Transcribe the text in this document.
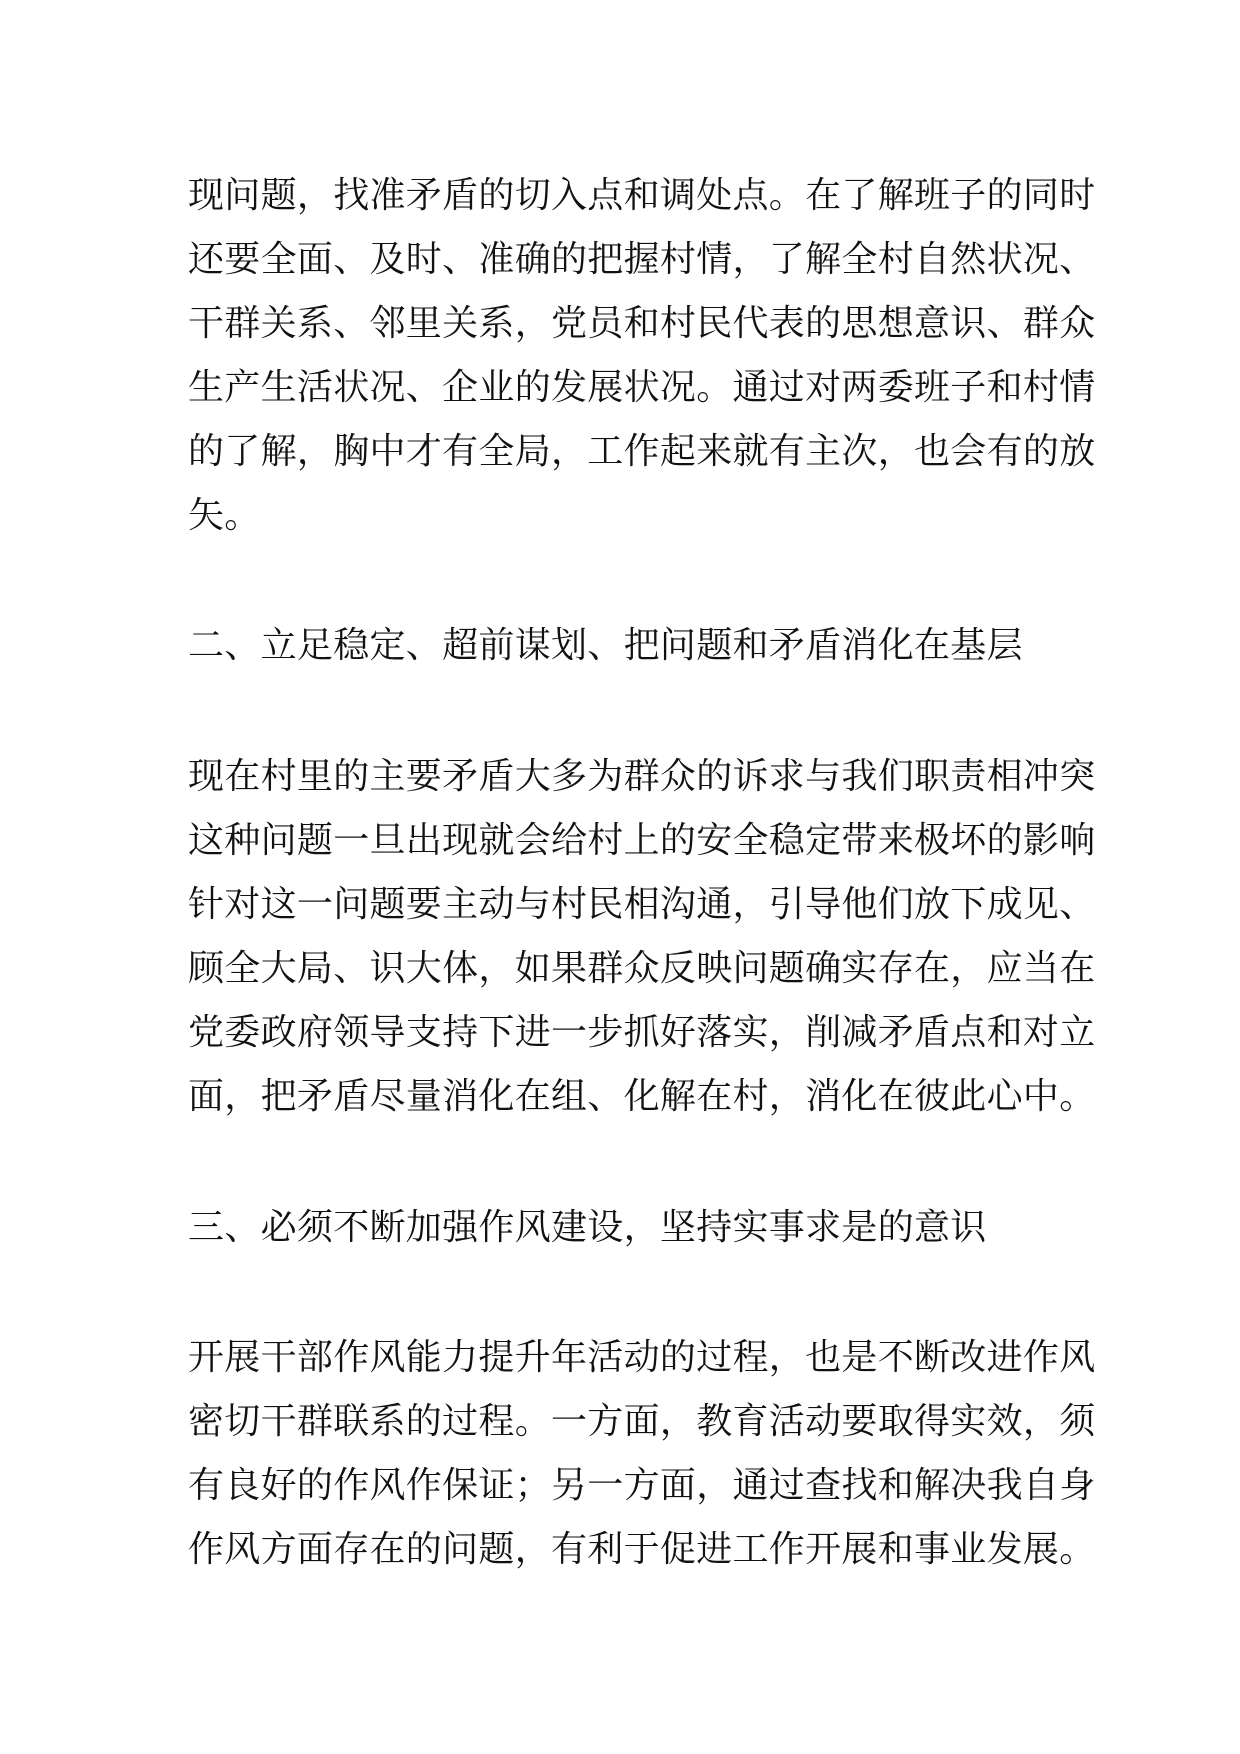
现问题，找准矛盾的切入点和调处点。在了解班子的同时
还要全面、及时、准确的把握村情，了解全村自然状况、
干群关系、邻里关系，党员和村民代表的思想意识、群众
生产生活状况、企业的发展状况。通过对两委班子和村情
的了解，胸中才有全局，工作起来就有主次，也会有的放
矢。
二、立足稳定、超前谋划、把问题和矛盾消化在基层
现在村里的主要矛盾大多为群众的诉求与我们职责相冲突
这种问题一旦出现就会给村上的安全稳定带来极坏的影响
针对这一问题要主动与村民相沟通，引导他们放下成见、
顾全大局、识大体，如果群众反映问题确实存在，应当在
党委政府领导支持下进一步抓好落实，削减矛盾点和对立
面，把矛盾尽量消化在组、化解在村，消化在彼此心中。
三、必须不断加强作风建设，坚持实事求是的意识
开展干部作风能力提升年活动的过程，也是不断改进作风
密切干群联系的过程。一方面，教育活动要取得实效，须
有良好的作风作保证；另一方面，通过查找和解决我自身
作风方面存在的问题，有利于促进工作开展和事业发展。
